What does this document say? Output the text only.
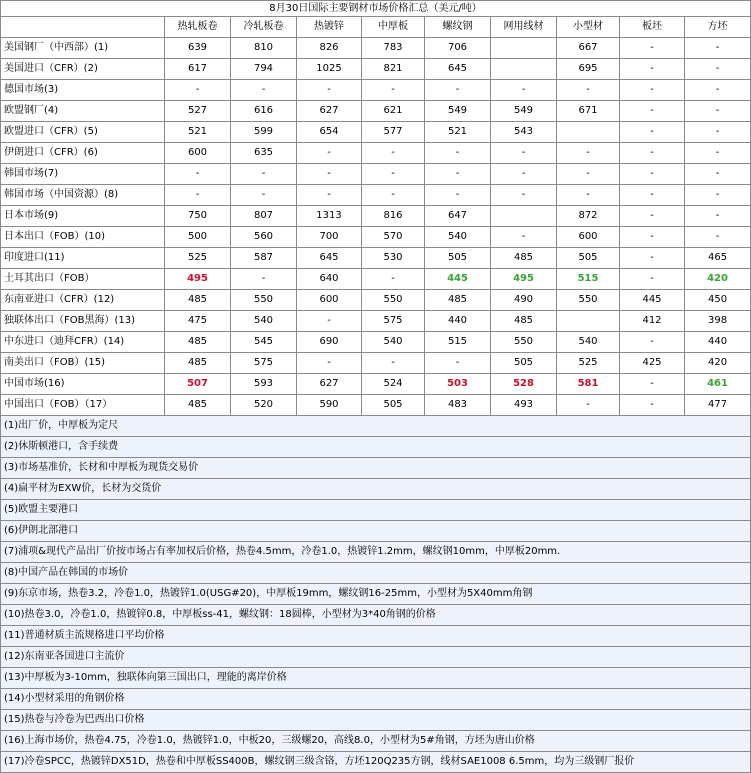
8月30日国际主要钢材市场价格汇总（美元/吨）									
	热轧板卷	冷轧板卷	热镀锌	中厚板	螺纹钢	网用线材	小型材	板坯	方坯
美国钢厂（中西部）(1)	639	810	826	783	706		667	-	-
美国进口（CFR）(2)	617	794	1025	821	645		695	-	-
德国市场(3)	-	-	-	-	-	-	-	-	-
欧盟钢厂(4)	527	616	627	621	549	549	671	-	-
欧盟进口（CFR）(5)	521	599	654	577	521	543		-	-
伊朗进口（CFR）(6)	600	635	-	-	-	-	-	-	-
韩国市场(7)	-	-	-	-	-	-	-	-	-
韩国市场（中国资源）(8)	-	-	-	-	-	-	-	-	-
日本市场(9)	750	807	1313	816	647		872	-	-
日本出口（FOB）(10)	500	560	700	570	540	-	600	-	-
印度进口(11)	525	587	645	530	505	485	505	-	465
土耳其出口（FOB）	495	-	640	-	445	495	515	-	420
东南亚进口（CFR）(12)	485	550	600	550	485	490	550	445	450
独联体出口（FOB黑海）(13)	475	540	-	575	440	485		412	398
中东进口（迪拜CFR）(14)	485	545	690	540	515	550	540	-	440
南美出口（FOB）(15)	485	575	-	-	-	505	525	425	420
中国市场(16)	507	593	627	524	503	528	581	-	461
中国出口（FOB）（17）	485	520	590	505	483	493	-	-	477
(1)出厂价，中厚板为定尺									
(2)休斯顿港口，含手续费									
(3)市场基准价，长材和中厚板为现货交易价									
(4)扁平材为EXW价，长材为交货价									
(5)欧盟主要港口									
(6)伊朗北部港口									
(7)浦项&现代产品出厂价按市场占有率加权后价格，热卷4.5mm，冷卷1.0，热镀锌1.2mm，螺纹钢10mm，中厚板20mm.									
(8)中国产品在韩国的市场价									
(9)东京市场，热卷3.2，冷卷1.0，热镀锌1.0(USG#20)，中厚板19mm，螺纹钢16-25mm，小型材为5X40mm角钢									
(10)热卷3.0，冷卷1.0，热镀锌0.8，中厚板ss-41，螺纹钢：18圆棒，小型材为3*40角钢的价格									
(11)普通材质主流规格进口平均价格									
(12)东南亚各国进口主流价									
(13)中厚板为3-10mm，独联体向第三国出口，理能的离岸价格									
(14)小型材采用的角钢价格									
(15)热卷与冷卷为巴西出口价格									
(16)上海市场价，热卷4.75，冷卷1.0，热镀锌1.0，中板20，三级螺20，高线8.0，小型材为5#角钢，方坯为唐山价格									
(17)冷卷SPCC，热镀锌DX51D，热卷和中厚板SS400B，螺纹钢三级含铬，方坯120Q235方钢，线材SAE1008 6.5mm，均为三级钢厂报价									
